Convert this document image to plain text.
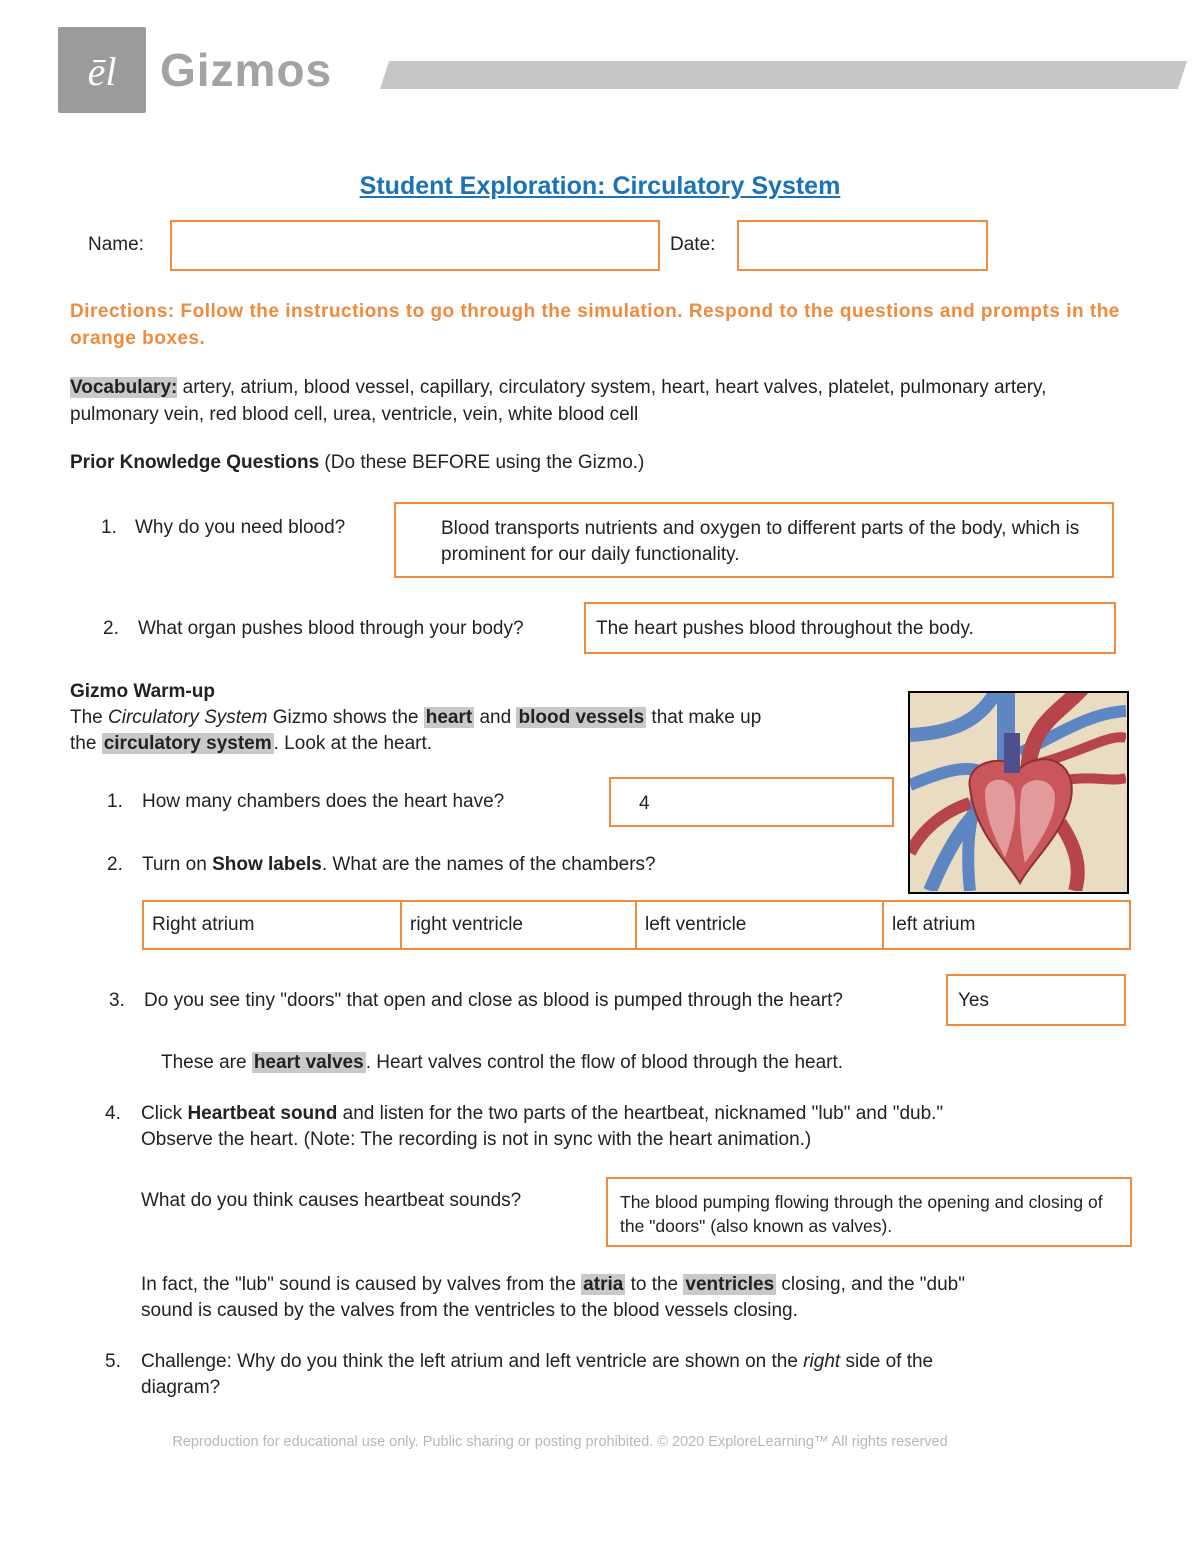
ēl Gizmos
Student Exploration: Circulatory System
Name:	Date:
Directions: Follow the instructions to go through the simulation. Respond to the questions and prompts in the orange boxes.
Vocabulary: artery, atrium, blood vessel, capillary, circulatory system, heart, heart valves, platelet, pulmonary artery, pulmonary vein, red blood cell, urea, ventricle, vein, white blood cell
Prior Knowledge Questions (Do these BEFORE using the Gizmo.)
1. Why do you need blood?	Blood transports nutrients and oxygen to different parts of the body, which is prominent for our daily functionality.
2. What organ pushes blood through your body?	The heart pushes blood throughout the body.
Gizmo Warm-up
The Circulatory System Gizmo shows the heart and blood vessels that make up
the circulatory system . Look at the heart.
1. How many chambers does the heart have?	4
2. Turn on Show labels. What are the names of the chambers?
Right atrium	right ventricle	left ventricle	left atrium
3. Do you see tiny "doors" that open and close as blood is pumped through the heart?	Yes
These are heart valves . Heart valves control the flow of blood through the heart.
4. Click Heartbeat sound and listen for the two parts of the heartbeat, nicknamed "lub" and "dub."
Observe the heart. (Note: The recording is not in sync with the heart animation.)
What do you think causes heartbeat sounds?	The blood pumping flowing through the opening and closing of the "doors" (also known as valves).
In fact, the "lub" sound is caused by valves from the atria to the ventricles closing, and the "dub"
sound is caused by the valves from the ventricles to the blood vessels closing.
5. Challenge: Why do you think the left atrium and left ventricle are shown on the right side of the
diagram?
Reproduction for educational use only. Public sharing or posting prohibited. © 2020 ExploreLearning™ All rights reserved
